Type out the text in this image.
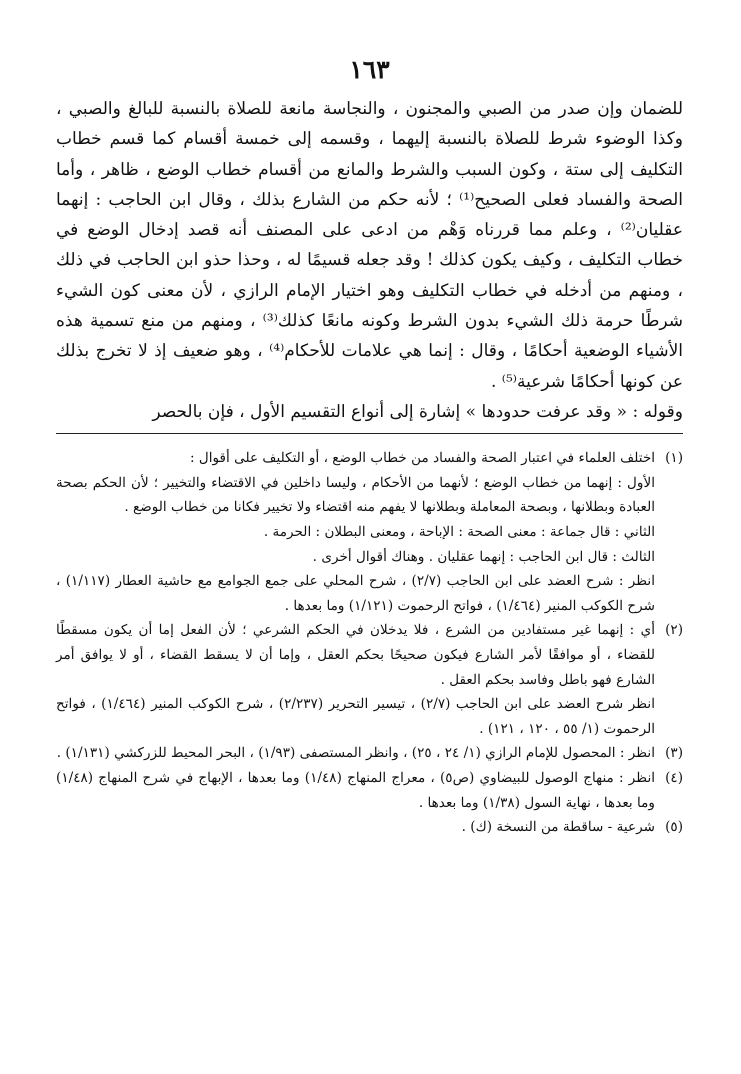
١٦٣

للضمان وإن صدر من الصبي والمجنون ، والنجاسة مانعة للصلاة بالنسبة للبالغ والصبي ، وكذا الوضوء شرط للصلاة بالنسبة إليهما ، وقسمه إلى خمسة أقسام كما قسم خطاب التكليف إلى ستة ، وكون السبب والشرط والمانع من أقسام خطاب الوضع ، ظاهر ، وأما الصحة والفساد فعلى الصحيح⁽¹⁾ ؛ لأنه حكم من الشارع بذلك ، وقال ابن الحاجب : إنهما عقليان⁽²⁾ ، وعلم مما قررناه وَهْم من ادعى على المصنف أنه قصد إدخال الوضع في خطاب التكليف ، وكيف يكون كذلك ! وقد جعله قسيمًا له ، وحذا حذو ابن الحاجب في ذلك ، ومنهم من أدخله في خطاب التكليف وهو اختيار الإمام الرازي ، لأن معنى كون الشيء شرطًا حرمة ذلك الشيء بدون الشرط وكونه مانعًا كذلك⁽³⁾ ، ومنهم من منع تسمية هذه الأشياء الوضعية أحكامًا ، وقال : إنما هي علامات للأحكام⁽⁴⁾ ، وهو ضعيف إذ لا تخرج بذلك عن كونها أحكامًا شرعية⁽⁵⁾ .

وقوله : « وقد عرفت حدودها » إشارة إلى أنواع التقسيم الأول ، فإن بالحصر

(١)

اختلف العلماء في اعتبار الصحة والفساد من خطاب الوضع ، أو التكليف على أقوال :

الأول : إنهما من خطاب الوضع ؛ لأنهما من الأحكام ، وليسا داخلين في الاقتضاء والتخيير ؛ لأن الحكم بصحة العبادة وبطلانها ، وبصحة المعاملة وبطلانها لا يفهم منه اقتضاء ولا تخيير فكانا من خطاب الوضع .

الثاني : قال جماعة : معنى الصحة : الإباحة ، ومعنى البطلان : الحرمة .

الثالث : قال ابن الحاجب : إنهما عقليان . وهناك أقوال أخرى .

انظر : شرح العضد على ابن الحاجب (٢/٧) ، شرح المحلي على جمع الجوامع مع حاشية العطار (١/١١٧) ، شرح الكوكب المنير (١/٤٦٤) ، فواتح الرحموت (١/١٢١) وما بعدها .

(٢)

أي : إنهما غير مستفادين من الشرع ، فلا يدخلان في الحكم الشرعي ؛ لأن الفعل إما أن يكون مسقطًا للقضاء ، أو موافقًا لأمر الشارع فيكون صحيحًا بحكم العقل ، وإما أن لا يسقط القضاء ، أو لا يوافق أمر الشارع فهو باطل وفاسد بحكم العقل .

انظر شرح العضد على ابن الحاجب (٢/٧) ، تيسير التحرير (٢/٢٣٧) ، شرح الكوكب المنير (١/٤٦٤) ، فواتح الرحموت (١/ ٥٥ ، ١٢٠ ، ١٢١) .

(٣)

انظر : المحصول للإمام الرازي (١/ ٢٤ ، ٢٥) ، وانظر المستصفى (١/٩٣) ، البحر المحيط للزركشي (١/١٣١) .

(٤)

انظر : منهاج الوصول للبيضاوي (ص٥) ، معراج المنهاج (١/٤٨) وما بعدها ، الإبهاج في شرح المنهاج (١/٤٨) وما بعدها ، نهاية السول (١/٣٨) وما بعدها .

(٥)

شرعية - ساقطة من النسخة (ك) .
